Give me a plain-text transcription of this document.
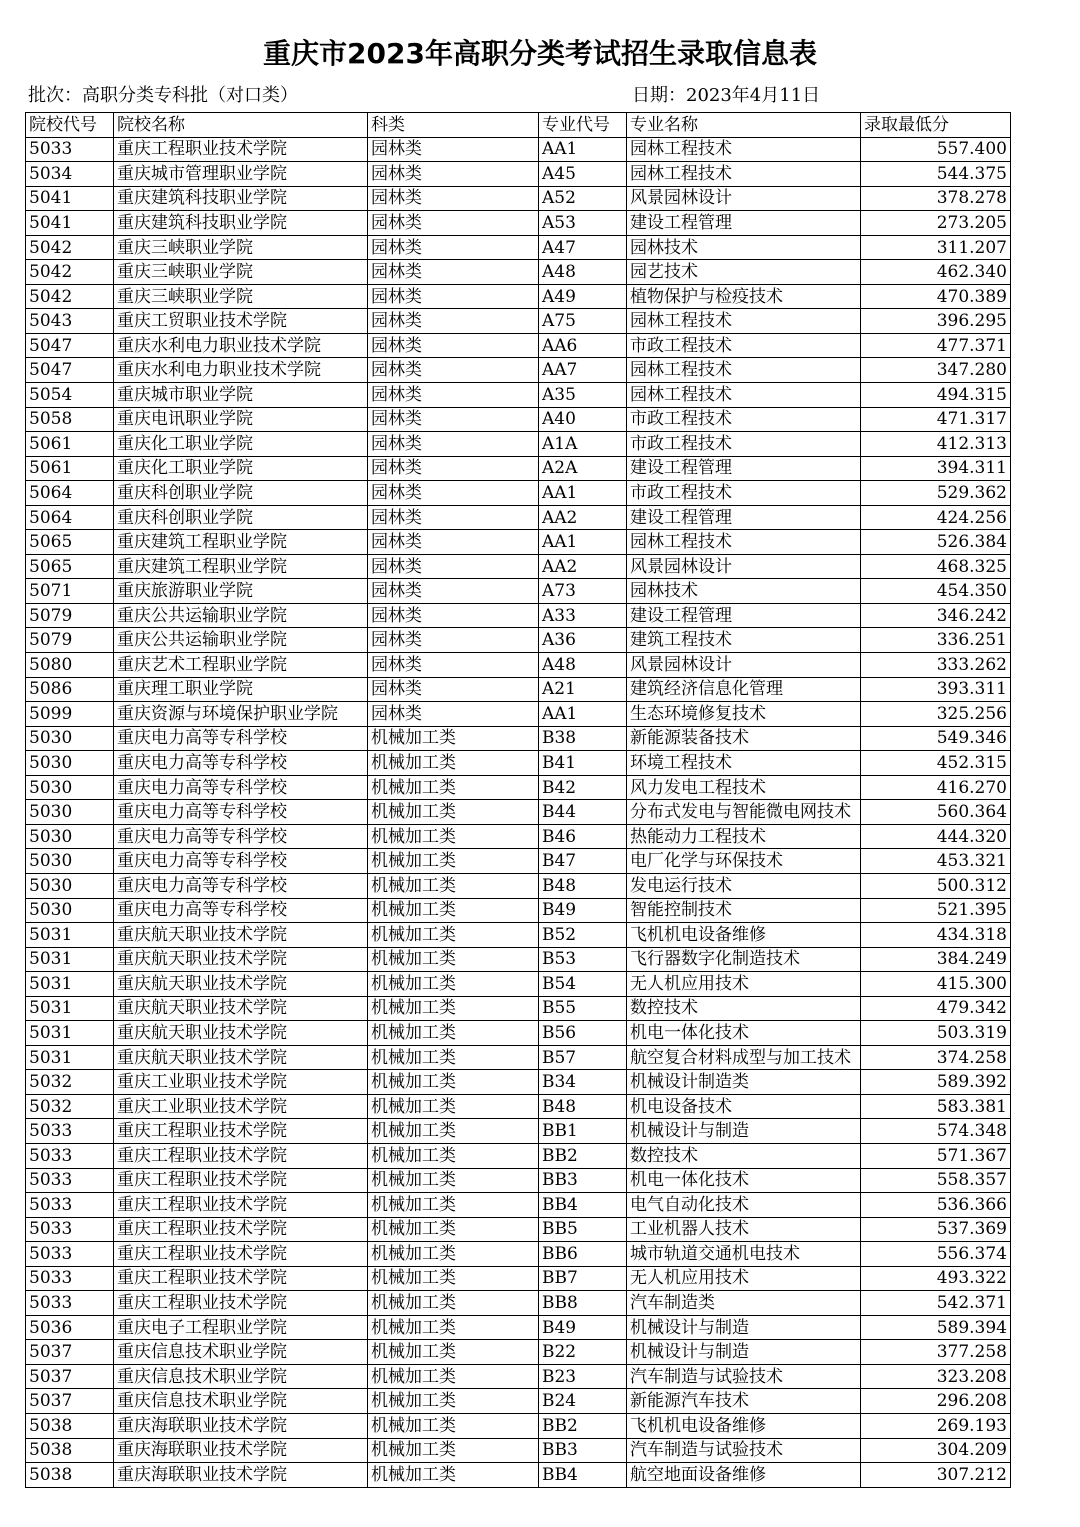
重庆市2023年高职分类考试招生录取信息表
批次：高职分类专科批（对口类）	日期：2023年4月11日
院校代号	院校名称	科类	专业代号	专业名称	录取最低分
5033	重庆工程职业技术学院	园林类	AA1	园林工程技术	557.400
5034	重庆城市管理职业学院	园林类	A45	园林工程技术	544.375
5041	重庆建筑科技职业学院	园林类	A52	风景园林设计	378.278
5041	重庆建筑科技职业学院	园林类	A53	建设工程管理	273.205
5042	重庆三峡职业学院	园林类	A47	园林技术	311.207
5042	重庆三峡职业学院	园林类	A48	园艺技术	462.340
5042	重庆三峡职业学院	园林类	A49	植物保护与检疫技术	470.389
5043	重庆工贸职业技术学院	园林类	A75	园林工程技术	396.295
5047	重庆水利电力职业技术学院	园林类	AA6	市政工程技术	477.371
5047	重庆水利电力职业技术学院	园林类	AA7	园林工程技术	347.280
5054	重庆城市职业学院	园林类	A35	园林工程技术	494.315
5058	重庆电讯职业学院	园林类	A40	市政工程技术	471.317
5061	重庆化工职业学院	园林类	A1A	市政工程技术	412.313
5061	重庆化工职业学院	园林类	A2A	建设工程管理	394.311
5064	重庆科创职业学院	园林类	AA1	市政工程技术	529.362
5064	重庆科创职业学院	园林类	AA2	建设工程管理	424.256
5065	重庆建筑工程职业学院	园林类	AA1	园林工程技术	526.384
5065	重庆建筑工程职业学院	园林类	AA2	风景园林设计	468.325
5071	重庆旅游职业学院	园林类	A73	园林技术	454.350
5079	重庆公共运输职业学院	园林类	A33	建设工程管理	346.242
5079	重庆公共运输职业学院	园林类	A36	建筑工程技术	336.251
5080	重庆艺术工程职业学院	园林类	A48	风景园林设计	333.262
5086	重庆理工职业学院	园林类	A21	建筑经济信息化管理	393.311
5099	重庆资源与环境保护职业学院	园林类	AA1	生态环境修复技术	325.256
5030	重庆电力高等专科学校	机械加工类	B38	新能源装备技术	549.346
5030	重庆电力高等专科学校	机械加工类	B41	环境工程技术	452.315
5030	重庆电力高等专科学校	机械加工类	B42	风力发电工程技术	416.270
5030	重庆电力高等专科学校	机械加工类	B44	分布式发电与智能微电网技术	560.364
5030	重庆电力高等专科学校	机械加工类	B46	热能动力工程技术	444.320
5030	重庆电力高等专科学校	机械加工类	B47	电厂化学与环保技术	453.321
5030	重庆电力高等专科学校	机械加工类	B48	发电运行技术	500.312
5030	重庆电力高等专科学校	机械加工类	B49	智能控制技术	521.395
5031	重庆航天职业技术学院	机械加工类	B52	飞机机电设备维修	434.318
5031	重庆航天职业技术学院	机械加工类	B53	飞行器数字化制造技术	384.249
5031	重庆航天职业技术学院	机械加工类	B54	无人机应用技术	415.300
5031	重庆航天职业技术学院	机械加工类	B55	数控技术	479.342
5031	重庆航天职业技术学院	机械加工类	B56	机电一体化技术	503.319
5031	重庆航天职业技术学院	机械加工类	B57	航空复合材料成型与加工技术	374.258
5032	重庆工业职业技术学院	机械加工类	B34	机械设计制造类	589.392
5032	重庆工业职业技术学院	机械加工类	B48	机电设备技术	583.381
5033	重庆工程职业技术学院	机械加工类	BB1	机械设计与制造	574.348
5033	重庆工程职业技术学院	机械加工类	BB2	数控技术	571.367
5033	重庆工程职业技术学院	机械加工类	BB3	机电一体化技术	558.357
5033	重庆工程职业技术学院	机械加工类	BB4	电气自动化技术	536.366
5033	重庆工程职业技术学院	机械加工类	BB5	工业机器人技术	537.369
5033	重庆工程职业技术学院	机械加工类	BB6	城市轨道交通机电技术	556.374
5033	重庆工程职业技术学院	机械加工类	BB7	无人机应用技术	493.322
5033	重庆工程职业技术学院	机械加工类	BB8	汽车制造类	542.371
5036	重庆电子工程职业学院	机械加工类	B49	机械设计与制造	589.394
5037	重庆信息技术职业学院	机械加工类	B22	机械设计与制造	377.258
5037	重庆信息技术职业学院	机械加工类	B23	汽车制造与试验技术	323.208
5037	重庆信息技术职业学院	机械加工类	B24	新能源汽车技术	296.208
5038	重庆海联职业技术学院	机械加工类	BB2	飞机机电设备维修	269.193
5038	重庆海联职业技术学院	机械加工类	BB3	汽车制造与试验技术	304.209
5038	重庆海联职业技术学院	机械加工类	BB4	航空地面设备维修	307.212
